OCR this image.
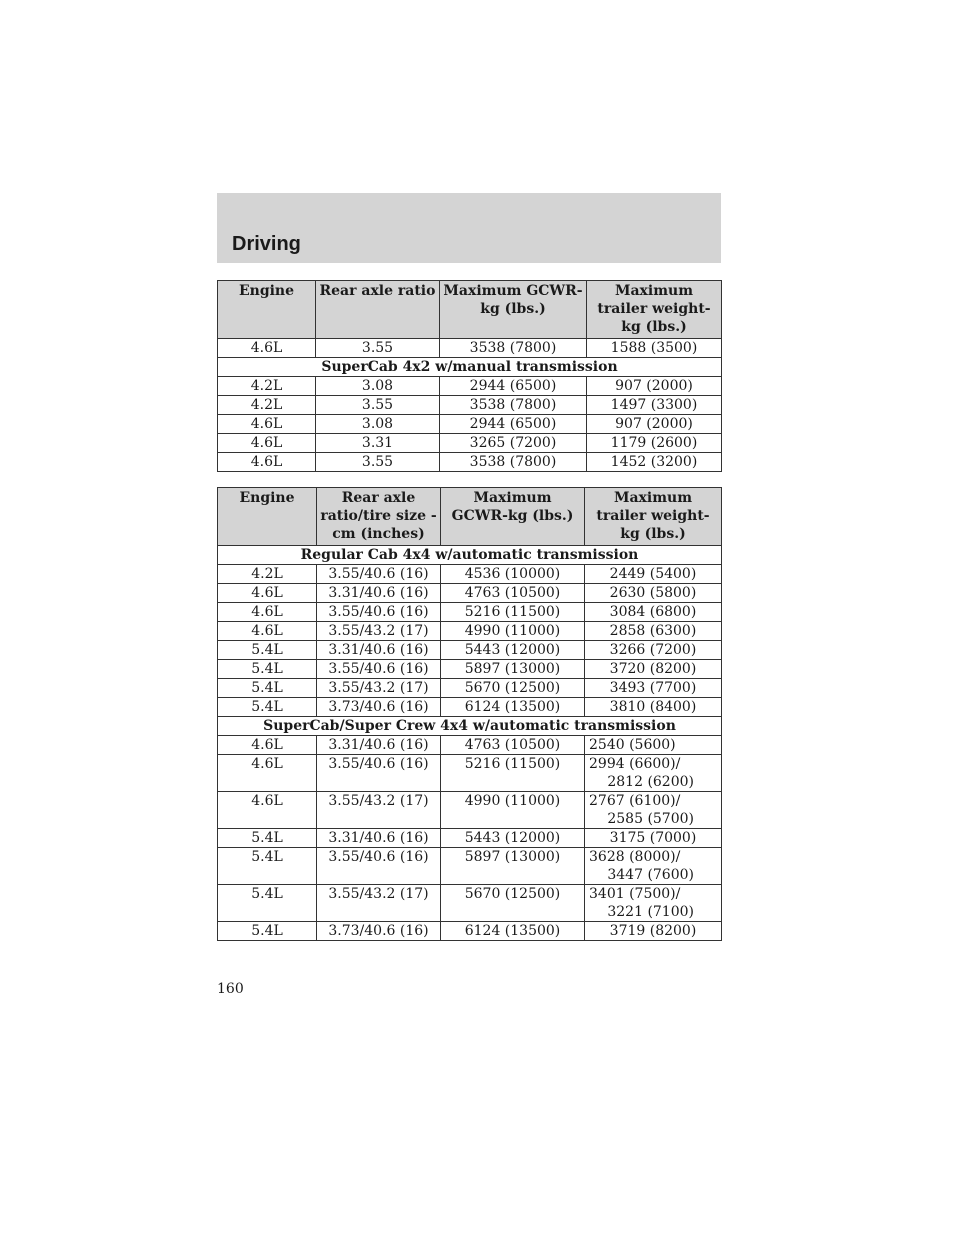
Driving
Engine	Rear axle ratio	Maximum GCWR-kg (lbs.)	Maximum trailer weight-kg (lbs.)
4.6L	3.55	3538 (7800)	1588 (3500)
SuperCab 4x2 w/manual transmission			
4.2L	3.08	2944 (6500)	907 (2000)
4.2L	3.55	3538 (7800)	1497 (3300)
4.6L	3.08	2944 (6500)	907 (2000)
4.6L	3.31	3265 (7200)	1179 (2600)
4.6L	3.55	3538 (7800)	1452 (3200)
Engine	Rear axle ratio/tire size - cm (inches)	Maximum GCWR-kg (lbs.)	Maximum trailer weight-kg (lbs.)
Regular Cab 4x4 w/automatic transmission			
4.2L	3.55/40.6 (16)	4536 (10000)	2449 (5400)
4.6L	3.31/40.6 (16)	4763 (10500)	2630 (5800)
4.6L	3.55/40.6 (16)	5216 (11500)	3084 (6800)
4.6L	3.55/43.2 (17)	4990 (11000)	2858 (6300)
5.4L	3.31/40.6 (16)	5443 (12000)	3266 (7200)
5.4L	3.55/40.6 (16)	5897 (13000)	3720 (8200)
5.4L	3.55/43.2 (17)	5670 (12500)	3493 (7700)
5.4L	3.73/40.6 (16)	6124 (13500)	3810 (8400)
SuperCab/Super Crew 4x4 w/automatic transmission			
4.6L	3.31/40.6 (16)	4763 (10500)	2540 (5600)
4.6L	3.55/40.6 (16)	5216 (11500)	2994 (6600)/
2812 (6200)

4.6L	3.55/43.2 (17)	4990 (11000)	2767 (6100)/
2585 (5700)

5.4L	3.31/40.6 (16)	5443 (12000)	3175 (7000)
5.4L	3.55/40.6 (16)	5897 (13000)	3628 (8000)/
3447 (7600)

5.4L	3.55/43.2 (17)	5670 (12500)	3401 (7500)/
3221 (7100)

5.4L	3.73/40.6 (16)	6124 (13500)	3719 (8200)
160
